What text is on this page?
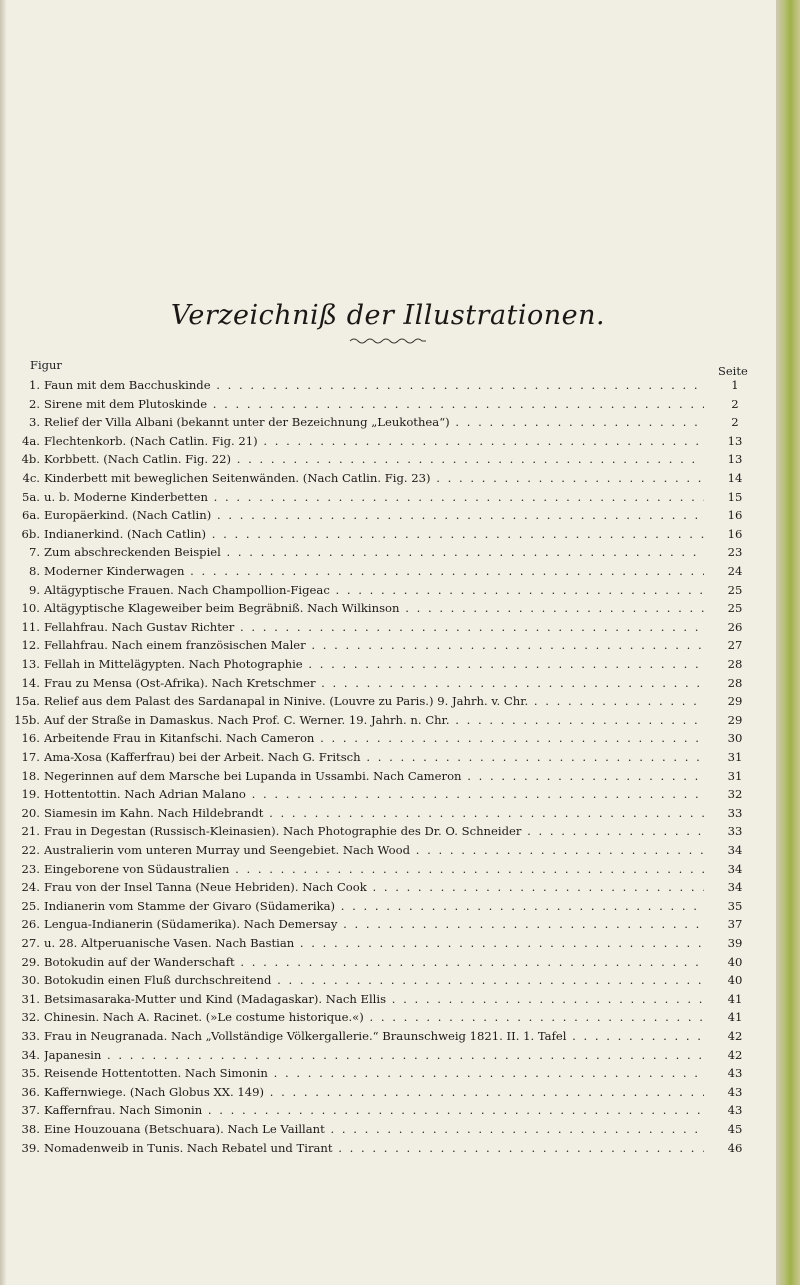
Verzeichniß der Illustrationen.
Figur	Seite
1. Faun mit dem Bacchuskinde . . .	1
2. Sirene mit dem Plutoskinde . . .	2
3. Relief der Villa Albani (bekannt unter der Bezeichnung „Leukothea“) . . .	2
4a. Flechtenkorb. (Nach Catlin. Fig. 21) . . .	13
4b. Korbbett. (Nach Catlin. Fig. 22) . . .	13
4c. Kinderbett mit beweglichen Seitenwänden. (Nach Catlin. Fig. 23) . . .	14
5a. u. b. Moderne Kinderbetten . . .	15
6a. Europäerkind. (Nach Catlin) . . .	16
6b. Indianerkind. (Nach Catlin) . . .	16
7. Zum abschreckenden Beispiel . . .	23
8. Moderner Kinderwagen . . .	24
9. Altägyptische Frauen. Nach Champollion-Figeac . . .	25
10. Altägyptische Klageweiber beim Begräbniß. Nach Wilkinson . . .	25
11. Fellahfrau. Nach Gustav Richter . . .	26
12. Fellahfrau. Nach einem französischen Maler . . .	27
13. Fellah in Mittelägypten. Nach Photographie . . .	28
14. Frau zu Mensa (Ost-Afrika). Nach Kretschmer . . .	28
15a. Relief aus dem Palast des Sardanapal in Ninive. (Louvre zu Paris.) 9. Jahrh. v. Chr. . . .	29
15b. Auf der Straße in Damaskus. Nach Prof. C. Werner. 19. Jahrh. n. Chr. . . .	29
16. Arbeitende Frau in Kitanfschi. Nach Cameron . . .	30
17. Ama-Xosa (Kafferfrau) bei der Arbeit. Nach G. Fritsch . . .	31
18. Negerinnen auf dem Marsche bei Lupanda in Ussambi. Nach Cameron . . .	31
19. Hottentottin. Nach Adrian Malano . . .	32
20. Siamesin im Kahn. Nach Hildebrandt . . .	33
21. Frau in Degestan (Russisch-Kleinasien). Nach Photographie des Dr. O. Schneider . . .	33
22. Australierin vom unteren Murray und Seengebiet. Nach Wood . . .	34
23. Eingeborene von Südaustralien . . .	34
24. Frau von der Insel Tanna (Neue Hebriden). Nach Cook . . .	34
25. Indianerin vom Stamme der Givaro (Südamerika) . . .	35
26. Lengua-Indianerin (Südamerika). Nach Demersay . . .	37
27. u. 28. Altperuanische Vasen. Nach Bastian . . .	39
29. Botokudin auf der Wanderschaft . . .	40
30. Botokudin einen Fluß durchschreitend . . .	40
31. Betsimasaraka-Mutter und Kind (Madagaskar). Nach Ellis . . .	41
32. Chinesin. Nach A. Racinet. (»Le costume historique.«) . . .	41
33. Frau in Neugranada. Nach „Vollständige Völkergallerie.“ Braunschweig 1821. II. 1. Tafel . . .	42
34. Japanesin . . .	42
35. Reisende Hottentotten. Nach Simonin . . .	43
36. Kaffernwiege. (Nach Globus XX. 149) . . .	43
37. Kaffernfrau. Nach Simonin . . .	43
38. Eine Houzouana (Betschuara). Nach Le Vaillant . . .	45
39. Nomadenweib in Tunis. Nach Rebatel und Tirant . . .	46
